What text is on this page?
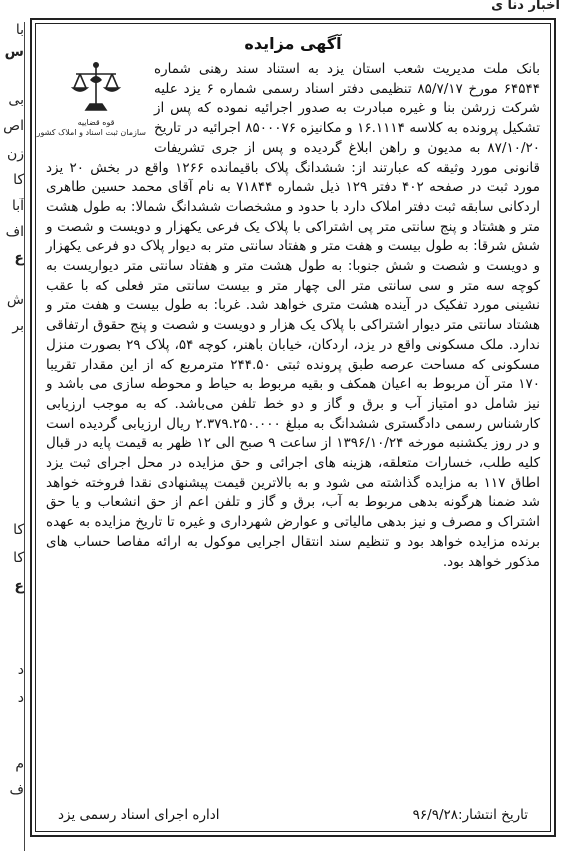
اخبار دنا ی
با
س
بی
اص
زن
کا
آبا
اف
ع
ش
بر
کا
کا
ع
د
د
م
ف
آگهی مزایده
قوه قضاییه
سازمان ثبت اسناد و املاک کشور
بانک ملت مدیریت شعب استان یزد به استناد سند رهنی شماره ۶۴۵۴۴ مورخ ۸۵/۷/۱۷ تنظیمی دفتر اسناد رسمی شماره ۶ یزد علیه شرکت زرشن بنا و غیره مبادرت به صدور اجرائیه نموده که پس از تشکیل پرونده به کلاسه ۱۶.۱۱۱۴ و مکانیزه ۸۵۰۰۰۷۶ اجرائیه در تاریخ ۸۷/۱۰/۲۰ به مدیون و راهن ابلاغ گردیده و پس از جری تشریفات قانونی مورد وثیقه که عبارتند از: ششدانگ پلاک باقیمانده ۱۲۶۶ واقع در بخش ۲۰ یزد مورد ثبت در صفحه ۴۰۲ دفتر ۱۲۹ ذیل شماره ۷۱۸۴۴ به نام آقای محمد حسین طاهری اردکانی سابقه ثبت دفتر املاک دارد با حدود و مشخصات ششدانگ شمالا: به طول هشت متر و هشتاد و پنج سانتی متر پی اشتراکی با پلاک یک فرعی یکهزار و دویست و شصت و شش شرقا: به طول بیست و هفت متر و هفتاد سانتی متر به دیوار پلاک دو فرعی یکهزار و دویست و شصت و شش جنوبا: به طول هشت متر و هفتاد سانتی متر دیواریست به کوچه سه متر و سی سانتی متر الی چهار متر و بیست سانتی متر فعلی که با عقب نشینی مورد تفکیک در آینده هشت متری خواهد شد. غربا: به طول بیست و هفت متر و هشتاد سانتی متر دیوار اشتراکی با پلاک یک هزار و دویست و شصت و پنج حقوق ارتفاقی ندارد. ملک مسکونی واقع در یزد، اردکان، خیابان باهنر، کوچه ۵۴، پلاک ۲۹ بصورت منزل مسکونی که مساحت عرصه طبق پرونده ثبتی ۲۴۴.۵۰ مترمربع که از این مقدار تقریبا ۱۷۰ متر آن مربوط به اعیان همکف و بقیه مربوط به حیاط و محوطه سازی می باشد و نیز شامل دو امتیاز آب و برق و گاز و دو خط تلفن می‌باشد. که به موجب ارزیابی کارشناس رسمی دادگستری ششدانگ به مبلغ ۲.۳۷۹.۲۵۰.۰۰۰ ریال ارزیابی گردیده است و در روز یکشنبه مورخه ۱۳۹۶/۱۰/۲۴ از ساعت ۹ صبح الی ۱۲ ظهر به قیمت پایه در قبال کلیه طلب، خسارات متعلقه، هزینه های اجرائی و حق مزایده در محل اجرای ثبت یزد اطاق ۱۱۷ به مزایده گذاشته می شود و به بالاترین قیمت پیشنهادی نقدا فروخته خواهد شد ضمنا هرگونه بدهی مربوط به آب، برق و گاز و تلفن اعم از حق انشعاب و یا حق اشتراک و مصرف و نیز بدهی مالیاتی و عوارض شهرداری و غیره تا تاریخ مزایده به عهده برنده مزایده خواهد بود و تنظیم سند انتقال اجرایی موکول به ارائه مفاصا حساب های مذکور خواهد بود.
تاریخ انتشار:۹۶/۹/۲۸
اداره اجرای اسناد رسمی یزد
